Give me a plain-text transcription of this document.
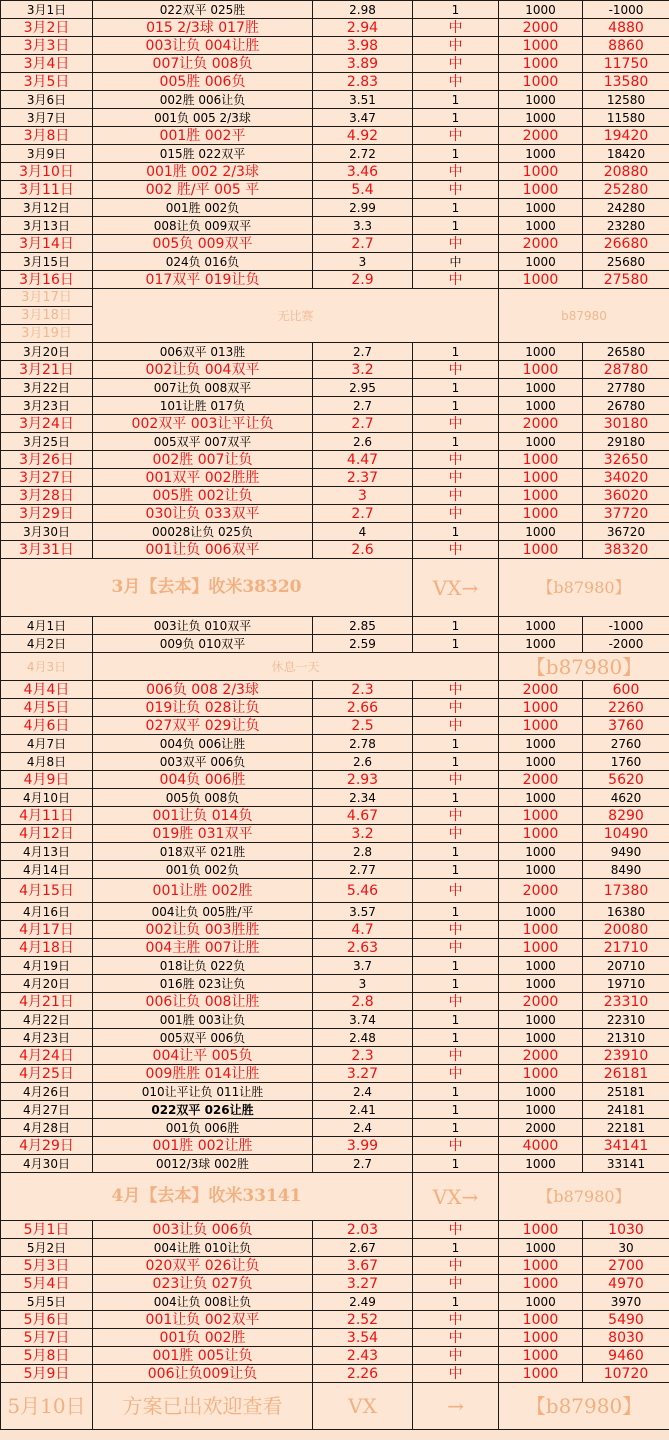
3月1日	022双平 025胜	2.98	1	1000	-1000
3月2日	015 2/3球 017胜	2.94	中	2000	4880
3月3日	003让负 004让胜	3.98	中	1000	8860
3月4日	007让负 008负	3.89	中	1000	11750
3月5日	005胜 006负	2.83	中	1000	13580
3月6日	002胜 006让负	3.51	1	1000	12580
3月7日	001负 005 2/3球	3.47	1	1000	11580
3月8日	001胜 002平	4.92	中	2000	19420
3月9日	015胜 022双平	2.72	1	1000	18420
3月10日	001胜 002 2/3球	3.46	中	1000	20880
3月11日	002 胜/平 005 平	5.4	中	1000	25280
3月12日	001胜 002负	2.99	1	1000	24280
3月13日	008让负 009双平	3.3	1	1000	23280
3月14日	005负 009双平	2.7	中	2000	26680
3月15日	024负 016负	3	中	1000	25680
3月16日	017双平 019让负	2.9	中	1000	27580
3月17日	无比赛			b87980	
3月18日					
3月19日					
3月20日	006双平 013胜	2.7	1	1000	26580
3月21日	002让负 004双平	3.2	中	1000	28780
3月22日	007让负 008双平	2.95	1	1000	27780
3月23日	101让胜 017负	2.7	1	1000	26780
3月24日	002双平 003让平让负	2.7	中	2000	30180
3月25日	005双平 007双平	2.6	1	1000	29180
3月26日	002胜 007让负	4.47	中	1000	32650
3月27日	001双平 002胜胜	2.37	中	1000	34020
3月28日	005胜 002让负	3	中	1000	36020
3月29日	030让负 033双平	2.7	中	1000	37720
3月30日	00028让负 025负	4	1	1000	36720
3月31日	001让负 006双平	2.6	中	1000	38320
3月【去本】收米38320			VX→	【b87980】	
4月1日	003让负 010双平	2.85	1	1000	-1000
4月2日	009负 010双平	2.59	1	1000	-2000
4月3日	休息一天			【b87980】	
4月4日	006负 008 2/3球	2.3	中	2000	600
4月5日	019让负 028让负	2.66	中	1000	2260
4月6日	027双平 029让负	2.5	中	1000	3760
4月7日	004负 006让胜	2.78	1	1000	2760
4月8日	003双平 006负	2.6	1	1000	1760
4月9日	004负 006胜	2.93	中	2000	5620
4月10日	005负 008负	2.34	1	1000	4620
4月11日	001让负 014负	4.67	中	1000	8290
4月12日	019胜 031双平	3.2	中	1000	10490
4月13日	018双平 021胜	2.8	1	1000	9490
4月14日	001负 002负	2.77	1	1000	8490
4月15日	001让胜 002胜	5.46	中	2000	17380
4月16日	004让负 005胜/平	3.57	1	1000	16380
4月17日	002让负 003胜胜	4.7	中	1000	20080
4月18日	004主胜 007让胜	2.63	中	1000	21710
4月19日	018让负 022负	3.7	1	1000	20710
4月20日	016胜 023让负	3	1	1000	19710
4月21日	006让负 008让胜	2.8	中	2000	23310
4月22日	001胜 003让负	3.74	1	1000	22310
4月23日	005双平 006负	2.48	1	1000	21310
4月24日	004让平 005负	2.3	中	2000	23910
4月25日	009胜胜 014让胜	3.27	中	1000	26181
4月26日	010让平让负 011让胜	2.4	1	1000	25181
4月27日	022双平 026让胜	2.41	1	1000	24181
4月28日	001负 006胜	2.4	1	2000	22181
4月29日	001胜 002让胜	3.99	中	4000	34141
4月30日	0012/3球 002胜	2.7	1	1000	33141
4月【去本】收米33141			VX→	【b87980】	
5月1日	003让负 006负	2.03	中	1000	1030
5月2日	004让胜 010让负	2.67	1	1000	30
5月3日	020双平 026让负	3.67	中	1000	2700
5月4日	023让负 027负	3.27	中	1000	4970
5月5日	004让负 008让负	2.49	1	1000	3970
5月6日	001让负 002双平	2.52	中	1000	5490
5月7日	001负 002胜	3.54	中	1000	8030
5月8日	001胜 005让负	2.43	中	1000	9460
5月9日	006让负009让负	2.26	中	1000	10720
5月10日	方案已出欢迎查看	VX	→	【b87980】	
